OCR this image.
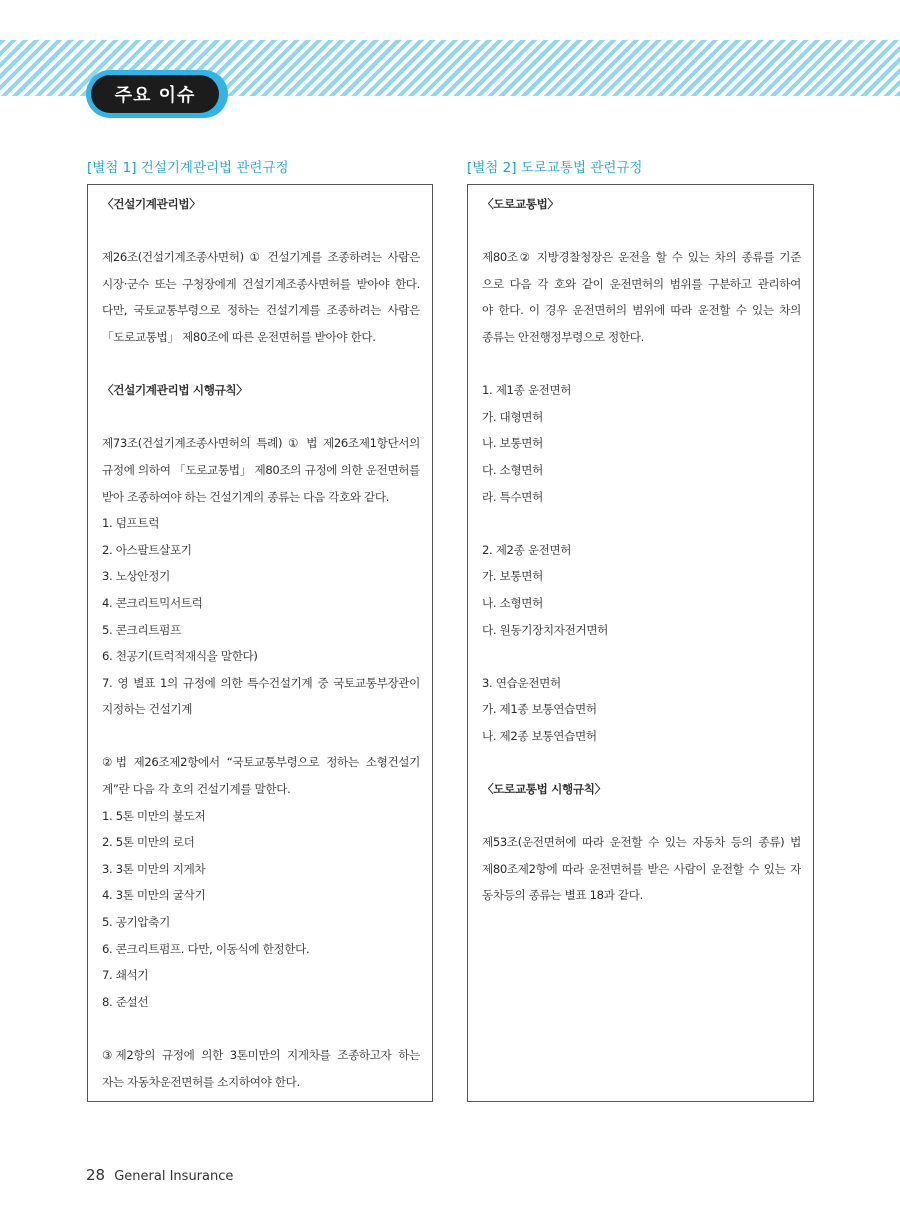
주요 이슈
[별첨 1] 건설기계관리법 관련규정	[별첨 2] 도로교통법 관련규정
〈건설기계관리법〉
제26조(건설기계조종사면허) ① 건설기계를 조종하려는 사람은
시장·군수 또는 구청장에게 건설기계조종사면허를 받아야 한다.
다만, 국토교통부령으로 정하는 건설기계를 조종하려는 사람은
「도로교통법」 제80조에 따른 운전면허를 받아야 한다.
〈건설기계관리법 시행규칙〉
제73조(건설기계조종사면허의 특례) ① 법 제26조제1항단서의
규정에 의하여 「도로교통법」 제80조의 규정에 의한 운전면허를
받아 조종하여야 하는 건설기계의 종류는 다음 각호와 같다.
1. 덤프트럭
2. 아스팔트살포기
3. 노상안정기
4. 콘크리트믹서트럭
5. 콘크리트펌프
6. 천공기(트럭적재식을 말한다)
7. 영 별표 1의 규정에 의한 특수건설기계 중 국토교통부장관이
지정하는 건설기계
②법 제26조제2항에서 “국토교통부령으로 정하는 소형건설기
계”란 다음 각 호의 건설기계를 말한다.
1. 5톤 미만의 불도저
2. 5톤 미만의 로더
3. 3톤 미만의 지게차
4. 3톤 미만의 굴삭기
5. 공기압축기
6. 콘크리트펌프. 다만, 이동식에 한정한다.
7. 쇄석기
8. 준설선
③제2항의 규정에 의한 3톤미만의 지게차를 조종하고자 하는
자는 자동차운전면허를 소지하여야 한다.
〈도로교통법〉
제80조② 지방경찰청장은 운전을 할 수 있는 차의 종류를 기준
으로 다음 각 호와 같이 운전면허의 범위를 구분하고 관리하여
야 한다. 이 경우 운전면허의 범위에 따라 운전할 수 있는 차의
종류는 안전행정부령으로 정한다.
1. 제1종 운전면허
가. 대형면허
나. 보통면허
다. 소형면허
라. 특수면허
2. 제2종 운전면허
가. 보통면허
나. 소형면허
다. 원동기장치자전거면허
3. 연습운전면허
가. 제1종 보통연습면허
나. 제2종 보통연습면허
〈도로교통법 시행규칙〉
제53조(운전면허에 따라 운전할 수 있는 자동차 등의 종류) 법
제80조제2항에 따라 운전면허를 받은 사람이 운전할 수 있는 자
동차등의 종류는 별표 18과 같다.
28 General Insurance
